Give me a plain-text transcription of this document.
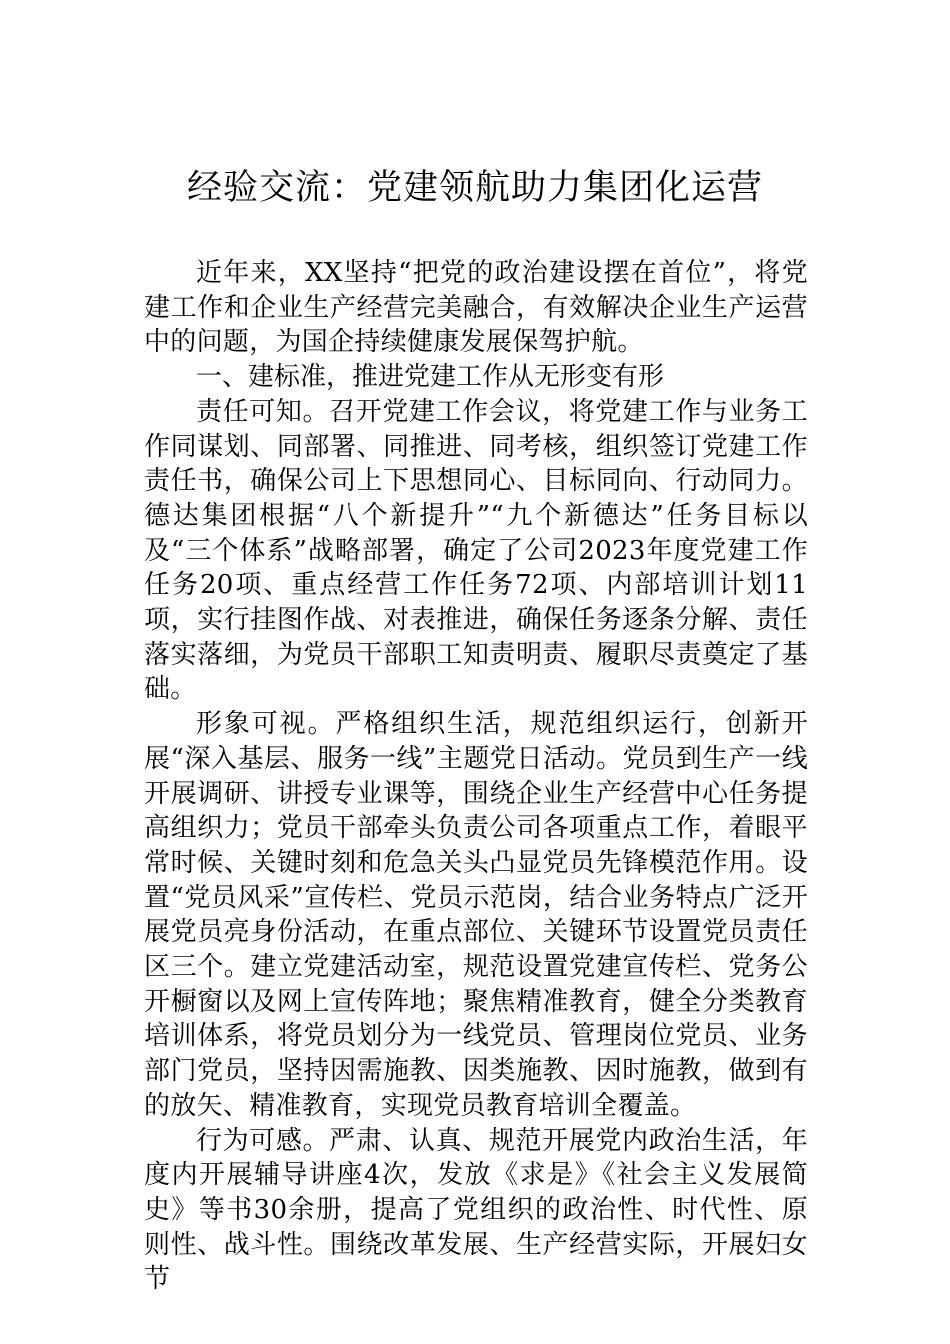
经验交流：党建领航助力集团化运营

近年来，XX坚持“把党的政治建设摆在首位”，将党建工作和企业生产经营完美融合，有效解决企业生产运营中的问题，为国企持续健康发展保驾护航。

一、建标准，推进党建工作从无形变有形

责任可知。召开党建工作会议，将党建工作与业务工作同谋划、同部署、同推进、同考核，组织签订党建工作责任书，确保公司上下思想同心、目标同向、行动同力。德达集团根据“八个新提升”“九个新德达”任务目标以及“三个体系”战略部署，确定了公司2023年度党建工作任务20项、重点经营工作任务72项、内部培训计划11项，实行挂图作战、对表推进，确保任务逐条分解、责任落实落细，为党员干部职工知责明责、履职尽责奠定了基础。

形象可视。严格组织生活，规范组织运行，创新开展“深入基层、服务一线”主题党日活动。党员到生产一线开展调研、讲授专业课等，围绕企业生产经营中心任务提高组织力；党员干部牵头负责公司各项重点工作，着眼平常时候、关键时刻和危急关头凸显党员先锋模范作用。设置“党员风采”宣传栏、党员示范岗，结合业务特点广泛开展党员亮身份活动，在重点部位、关键环节设置党员责任区三个。建立党建活动室，规范设置党建宣传栏、党务公开橱窗以及网上宣传阵地；聚焦精准教育，健全分类教育培训体系，将党员划分为一线党员、管理岗位党员、业务部门党员，坚持因需施教、因类施教、因时施教，做到有的放矢、精准教育，实现党员教育培训全覆盖。

行为可感。严肃、认真、规范开展党内政治生活，年度内开展辅导讲座4次，发放《求是》《社会主义发展简史》等书30余册，提高了党组织的政治性、时代性、原则性、战斗性。围绕改革发展、生产经营实际，开展妇女节
